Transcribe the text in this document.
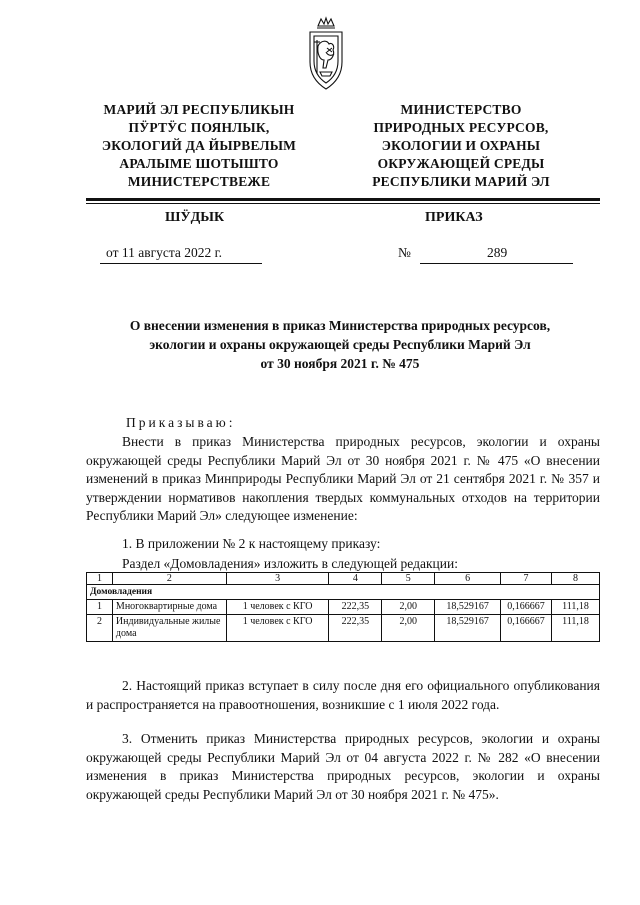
МАРИЙ ЭЛ РЕСПУБЛИКЫН
ПӰРТӰС ПОЯНЛЫК,
ЭКОЛОГИЙ ДА ЙЫРВЕЛЫМ
АРАЛЫМЕ ШОТЫШТО
МИНИСТЕРСТВЕЖЕ
МИНИСТЕРСТВО
ПРИРОДНЫХ РЕСУРСОВ,
ЭКОЛОГИИ И ОХРАНЫ
ОКРУЖАЮЩЕЙ СРЕДЫ
РЕСПУБЛИКИ МАРИЙ ЭЛ
ШӰДЫК	ПРИКАЗ
от 11 августа 2022 г.	№	289
О внесении изменения в приказ Министерства природных ресурсов,
экологии и охраны окружающей среды Республики Марий Эл
от 30 ноября 2021 г. № 475
Приказываю:
Внести в приказ Министерства природных ресурсов, экологии и охраны окружающей среды Республики Марий Эл от 30 ноября 2021 г. № 475 «О внесении изменений в приказ Минприроды Республики Марий Эл от 21 сентября 2021 г. № 357 и утверждении нормативов накопления твердых коммунальных отходов на территории Республики Марий Эл» следующее изменение:
1. В приложении № 2 к настоящему приказу:
Раздел «Домовладения» изложить в следующей редакции:
1	2	3	4	5	6	7	8
Домовладения							
1	Многоквартирные дома	1 человек с КГО	222,35	2,00	18,529167	0,166667	111,18
2	Индивидуальные жилые дома	1 человек с КГО	222,35	2,00	18,529167	0,166667	111,18
2. Настоящий приказ вступает в силу после дня его официального опубликования и распространяется на правоотношения, возникшие с 1 июля 2022 года.
3. Отменить приказ Министерства природных ресурсов, экологии и охраны окружающей среды Республики Марий Эл от 04 августа 2022 г. № 282 «О внесении изменения в приказ Министерства природных ресурсов, экологии и охраны окружающей среды Республики Марий Эл от 30 ноября 2021 г. № 475».
